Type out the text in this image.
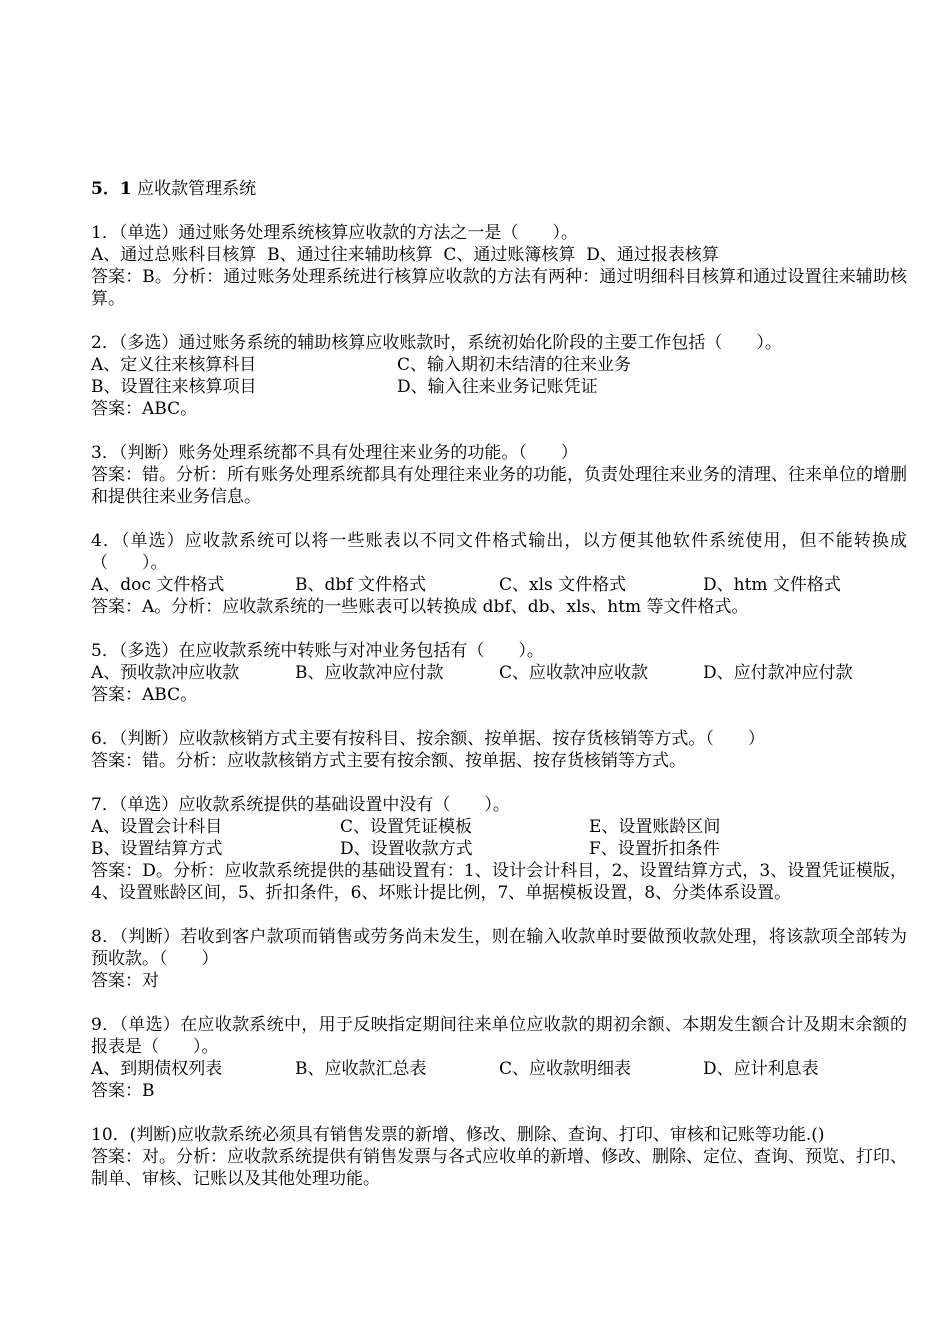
5．1 应收款管理系统
1．（单选）通过账务处理系统核算应收款的方法之一是（　　）。
A、通过总账科目核算  B、通过往来辅助核算  C、通过账簿核算  D、通过报表核算
答案：B。分析：通过账务处理系统进行核算应收款的方法有两种：通过明细科目核算和通过设置往来辅助核算。
2．（多选）通过账务系统的辅助核算应收账款时，系统初始化阶段的主要工作包括（　　）。
A、定义往来核算科目	C、输入期初未结清的往来业务
B、设置往来核算项目	D、输入往来业务记账凭证
答案：ABC。
3．（判断）账务处理系统都不具有处理往来业务的功能。（　　）
答案：错。分析：所有账务处理系统都具有处理往来业务的功能，负责处理往来业务的清理、往来单位的增删和提供往来业务信息。
4．（单选）应收款系统可以将一些账表以不同文件格式输出，以方便其他软件系统使用，但不能转换成（　　）。
A、doc 文件格式	B、dbf 文件格式	C、xls 文件格式	D、htm 文件格式
答案：A。分析：应收款系统的一些账表可以转换成 dbf、db、xls、htm 等文件格式。
5．（多选）在应收款系统中转账与对冲业务包括有（　　）。
A、预收款冲应收款	B、应收款冲应付款	C、应收款冲应收款	D、应付款冲应付款
答案：ABC。
6．（判断）应收款核销方式主要有按科目、按余额、按单据、按存货核销等方式。（　　）
答案：错。分析：应收款核销方式主要有按余额、按单据、按存货核销等方式。
7．（单选）应收款系统提供的基础设置中没有（　　）。
A、设置会计科目	C、设置凭证模板	E、设置账龄区间
B、设置结算方式	D、设置收款方式	F、设置折扣条件
答案：D。分析：应收款系统提供的基础设置有：1、设计会计科目，2、设置结算方式，3、设置凭证模版，4、设置账龄区间，5、折扣条件，6、坏账计提比例，7、单据模板设置，8、分类体系设置。
8．（判断）若收到客户款项而销售或劳务尚未发生，则在输入收款单时要做预收款处理，将该款项全部转为预收款。（　　）
答案：对
9．（单选）在应收款系统中，用于反映指定期间往来单位应收款的期初余额、本期发生额合计及期末余额的报表是（　　）。
A、到期债权列表	B、应收款汇总表	C、应收款明细表	D、应计利息表
答案：B
10．(判断)应收款系统必须具有销售发票的新增、修改、删除、查询、打印、审核和记账等功能.()
答案：对。分析：应收款系统提供有销售发票与各式应收单的新增、修改、删除、定位、查询、预览、打印、制单、审核、记账以及其他处理功能。
